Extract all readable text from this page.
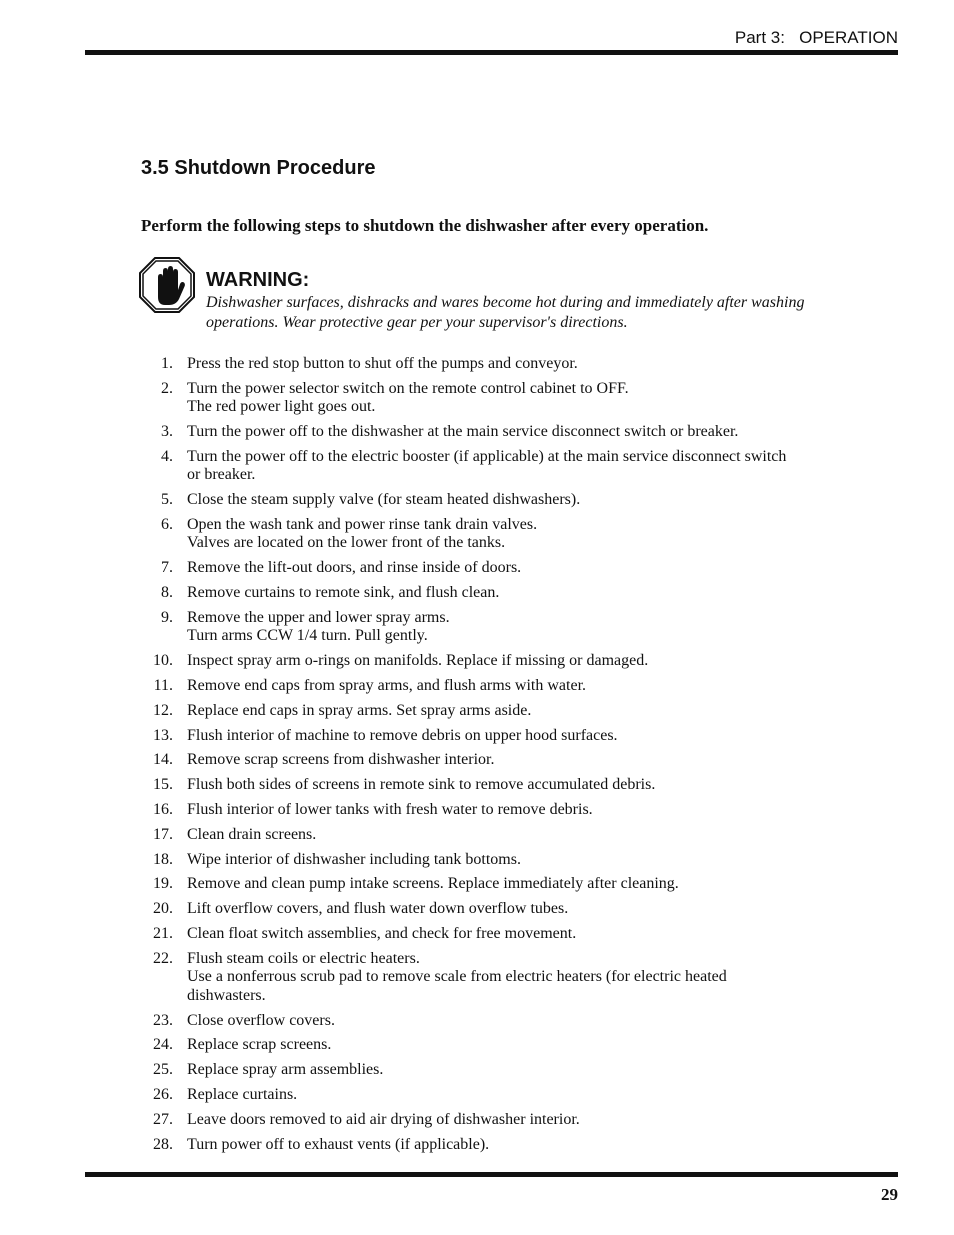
Part 3:   OPERATION
3.5 Shutdown Procedure

Perform the following steps to shutdown the dishwasher after every operation.

WARNING:
Dishwasher surfaces, dishracks and wares become hot during and immediately after washing operations. Wear protective gear per your supervisor's directions.
1. Press the red stop button to shut off the pumps and conveyor.
2. Turn the power selector switch on the remote control cabinet to OFF.
The red power light goes out.
3. Turn the power off to the dishwasher at the main service disconnect switch or breaker.
4. Turn the power off to the electric booster (if applicable) at the main service disconnect switch or breaker.
5. Close the steam supply valve (for steam heated dishwashers).
6. Open the wash tank and power rinse tank drain valves.
Valves are located on the lower front of the tanks.
7. Remove the lift-out doors, and rinse inside of doors.
8. Remove curtains to remote sink, and flush clean.
9. Remove the upper and lower spray arms.
Turn arms CCW 1/4 turn. Pull gently.
10. Inspect spray arm o-rings on manifolds. Replace if missing or damaged.
11. Remove end caps from spray arms, and flush arms with water.
12. Replace end caps in spray arms. Set spray arms aside.
13. Flush interior of machine to remove debris on upper hood surfaces.
14. Remove scrap screens from dishwasher interior.
15. Flush both sides of screens in remote sink to remove accumulated debris.
16. Flush interior of lower tanks with fresh water to remove debris.
17. Clean drain screens.
18. Wipe interior of dishwasher including tank bottoms.
19. Remove and clean pump intake screens. Replace immediately after cleaning.
20. Lift overflow covers, and flush water down overflow tubes.
21. Clean float switch assemblies, and check for free movement.
22. Flush steam coils or electric heaters.
Use a nonferrous scrub pad to remove scale from electric heaters (for electric heated dishwasters.
23. Close overflow covers.
24. Replace scrap screens.
25. Replace spray arm assemblies.
26. Replace curtains.
27. Leave doors removed to aid air drying of dishwasher interior.
28. Turn power off to exhaust vents (if applicable).
29
